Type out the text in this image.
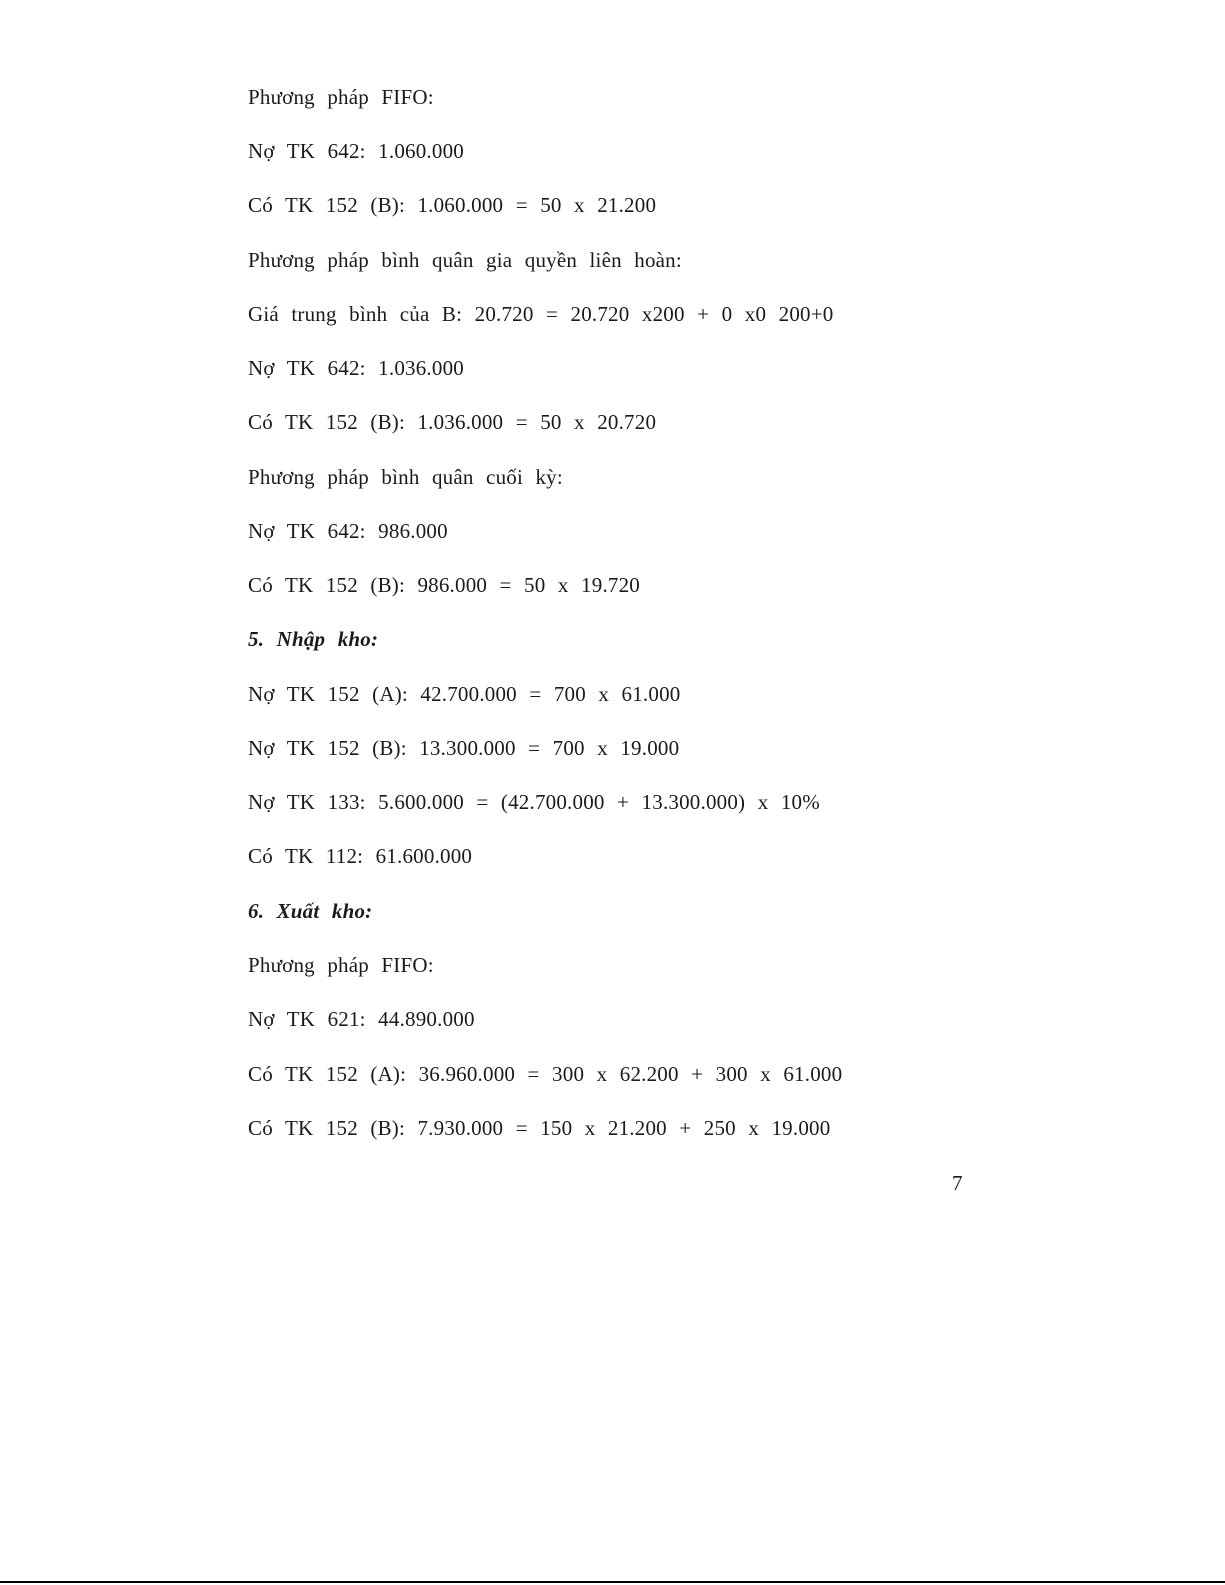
Phương pháp FIFO:
Nợ TK 642: 1.060.000
Có TK 152 (B): 1.060.000 = 50 x 21.200
Phương pháp bình quân gia quyền liên hoàn:
Giá trung bình của B: 20.720 = 20.720 x200 + 0 x0 200+0
Nợ TK 642: 1.036.000
Có TK 152 (B): 1.036.000 = 50 x 20.720
Phương pháp bình quân cuối kỳ:
Nợ TK 642: 986.000
Có TK 152 (B): 986.000 = 50 x 19.720
5. Nhập kho:
Nợ TK 152 (A): 42.700.000 = 700 x 61.000
Nợ TK 152 (B): 13.300.000 = 700 x 19.000
Nợ TK 133: 5.600.000 = (42.700.000 + 13.300.000) x 10%
Có TK 112: 61.600.000
6. Xuất kho:
Phương pháp FIFO:
Nợ TK 621: 44.890.000
Có TK 152 (A): 36.960.000 = 300 x 62.200 + 300 x 61.000
Có TK 152 (B): 7.930.000 = 150 x 21.200 + 250 x 19.000
7
